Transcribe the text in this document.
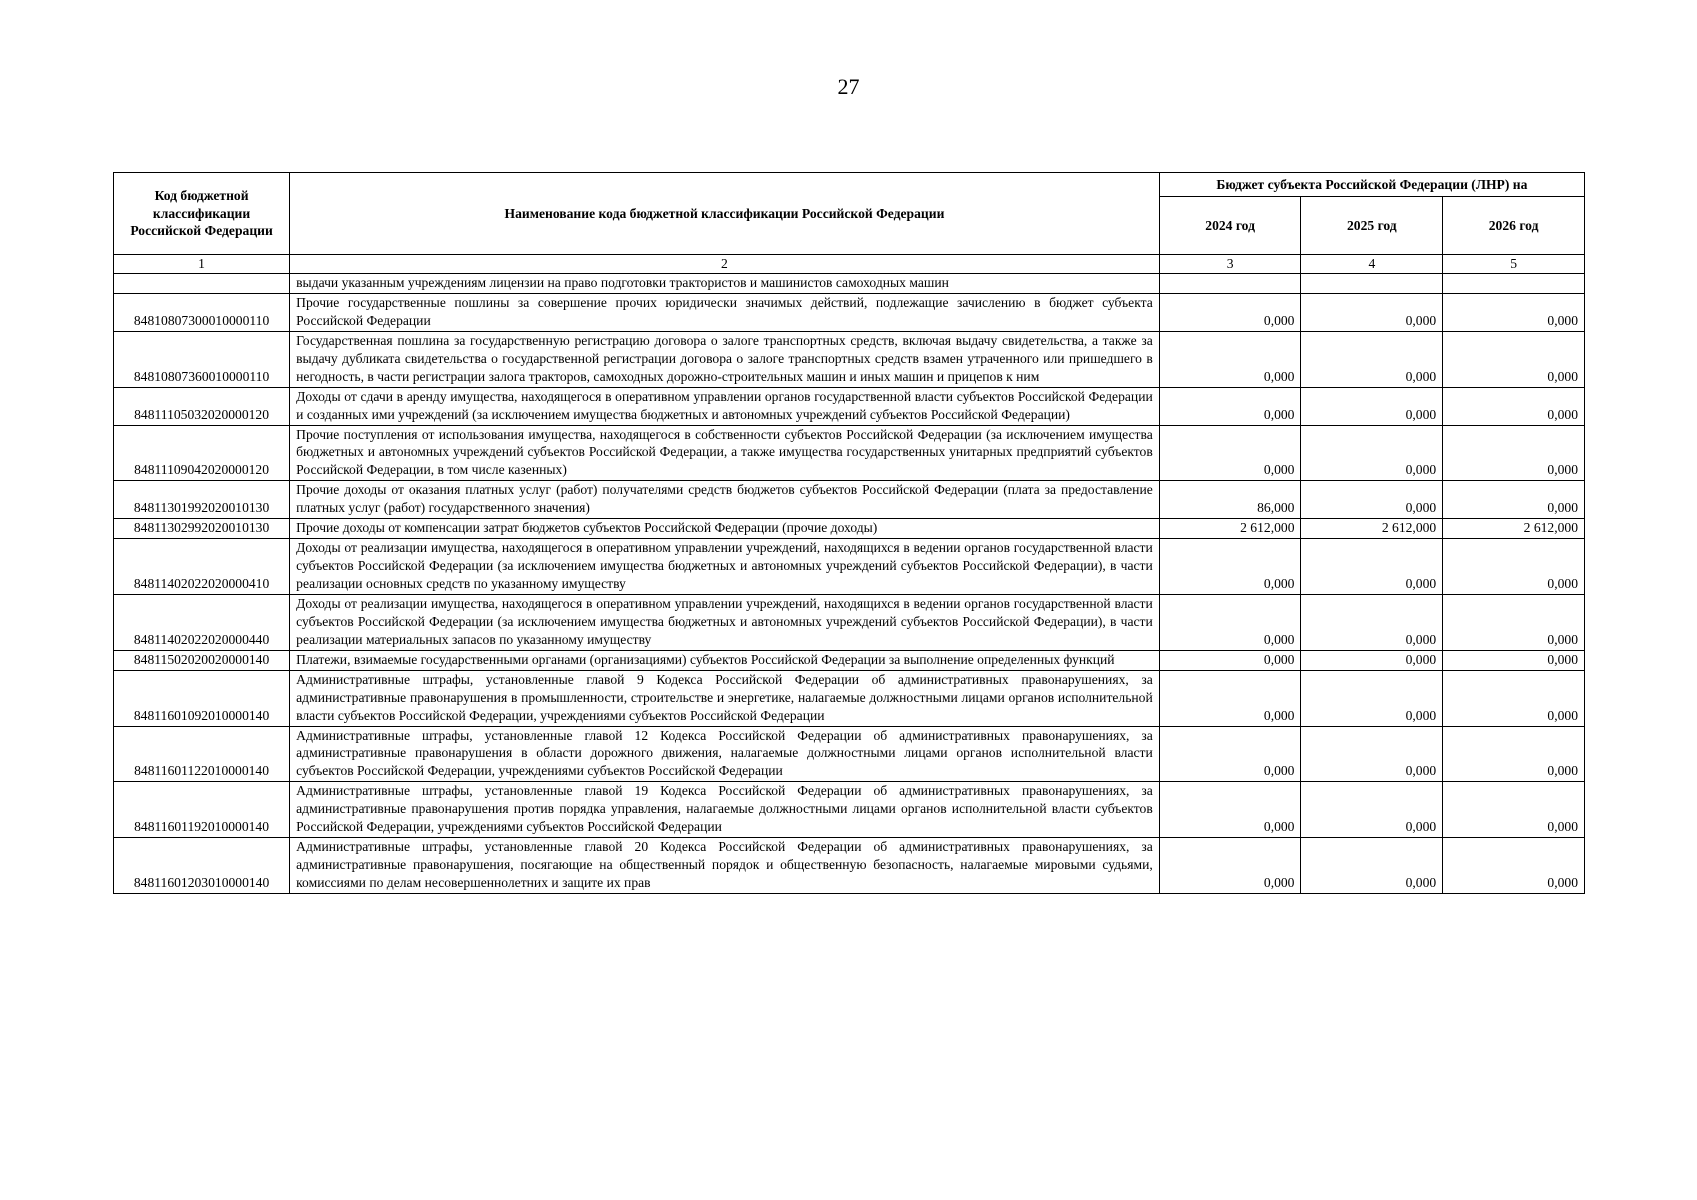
27
Код бюджетной классификации Российской Федерации	Наименование кода бюджетной классификации Российской Федерации	Бюджет субъекта Российской Федерации (ЛНР) на		
		2024 год	2025 год	2026 год
1	2	3	4	5
	выдачи указанным учреждениям лицензии на право подготовки трактористов и машинистов самоходных машин			
84810807300010000110	Прочие государственные пошлины за совершение прочих юридически значимых действий, подлежащие зачислению в бюджет субъекта Российской Федерации	0,000	0,000	0,000
84810807360010000110	Государственная пошлина за государственную регистрацию договора о залоге транспортных средств, включая выдачу свидетельства, а также за выдачу дубликата свидетельства о государственной регистрации договора о залоге транспортных средств взамен утраченного или пришедшего в негодность, в части регистрации залога тракторов, самоходных дорожно-строительных машин и иных машин и прицепов к ним	0,000	0,000	0,000
84811105032020000120	Доходы от сдачи в аренду имущества, находящегося в оперативном управлении органов государственной власти субъектов Российской Федерации и созданных ими учреждений (за исключением имущества бюджетных и автономных учреждений субъектов Российской Федерации)	0,000	0,000	0,000
84811109042020000120	Прочие поступления от использования имущества, находящегося в собственности субъектов Российской Федерации (за исключением имущества бюджетных и автономных учреждений субъектов Российской Федерации, а также имущества государственных унитарных предприятий субъектов Российской Федерации, в том числе казенных)	0,000	0,000	0,000
84811301992020010130	Прочие доходы от оказания платных услуг (работ) получателями средств бюджетов субъектов Российской Федерации (плата за предоставление платных услуг (работ) государственного значения)	86,000	0,000	0,000
84811302992020010130	Прочие доходы от компенсации затрат бюджетов субъектов Российской Федерации (прочие доходы)	2 612,000	2 612,000	2 612,000
84811402022020000410	Доходы от реализации имущества, находящегося в оперативном управлении учреждений, находящихся в ведении органов государственной власти субъектов Российской Федерации (за исключением имущества бюджетных и автономных учреждений субъектов Российской Федерации), в части реализации основных средств по указанному имуществу	0,000	0,000	0,000
84811402022020000440	Доходы от реализации имущества, находящегося в оперативном управлении учреждений, находящихся в ведении органов государственной власти субъектов Российской Федерации (за исключением имущества бюджетных и автономных учреждений субъектов Российской Федерации), в части реализации материальных запасов по указанному имуществу	0,000	0,000	0,000
84811502020020000140	Платежи, взимаемые государственными органами (организациями) субъектов Российской Федерации за выполнение определенных функций	0,000	0,000	0,000
84811601092010000140	Административные штрафы, установленные главой 9 Кодекса Российской Федерации об административных правонарушениях, за административные правонарушения в промышленности, строительстве и энергетике, налагаемые должностными лицами органов исполнительной власти субъектов Российской Федерации, учреждениями субъектов Российской Федерации	0,000	0,000	0,000
84811601122010000140	Административные штрафы, установленные главой 12 Кодекса Российской Федерации об административных правонарушениях, за административные правонарушения в области дорожного движения, налагаемые должностными лицами органов исполнительной власти субъектов Российской Федерации, учреждениями субъектов Российской Федерации	0,000	0,000	0,000
84811601192010000140	Административные штрафы, установленные главой 19 Кодекса Российской Федерации об административных правонарушениях, за административные правонарушения против порядка управления, налагаемые должностными лицами органов исполнительной власти субъектов Российской Федерации, учреждениями субъектов Российской Федерации	0,000	0,000	0,000
84811601203010000140	Административные штрафы, установленные главой 20 Кодекса Российской Федерации об административных правонарушениях, за административные правонарушения, посягающие на общественный порядок и общественную безопасность, налагаемые мировыми судьями, комиссиями по делам несовершеннолетних и защите их прав	0,000	0,000	0,000
